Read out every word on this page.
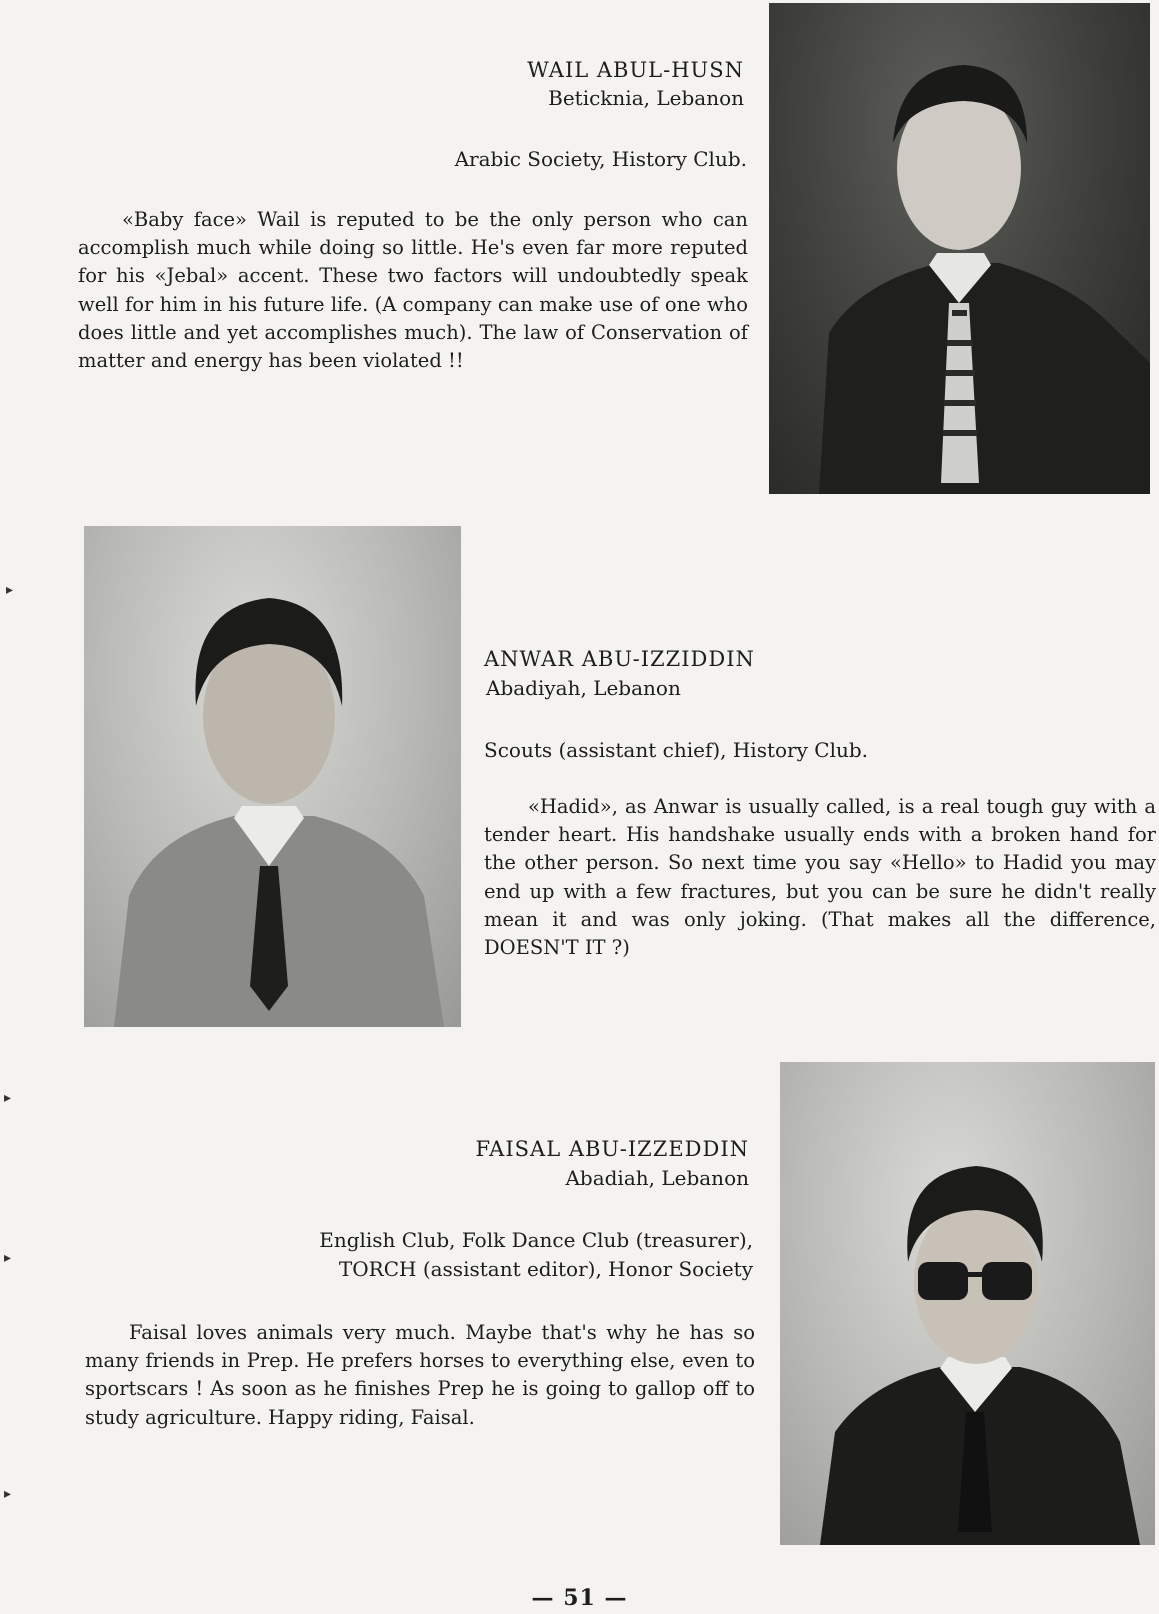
WAIL ABUL-HUSN
Beticknia, Lebanon
Arabic Society, History Club.
«Baby face» Wail is reputed to be the only person who can accomplish much while doing so little. He's even far more reputed for his «Jebal» accent. These two factors will undoubtedly speak well for him in his future life. (A company can make use of one who does little and yet accomplishes much). The law of Conservation of matter and energy has been violated !!
ANWAR ABU-IZZIDDIN
Abadiyah, Lebanon
Scouts (assistant chief), History Club.
«Hadid», as Anwar is usually called, is a real tough guy with a tender heart. His handshake usually ends with a broken hand for the other person. So next time you say «Hello» to Hadid you may end up with a few fractures, but you can be sure he didn't really mean it and was only joking. (That makes all the difference, DOESN'T IT ?)
FAISAL ABU-IZZEDDIN
Abadiah, Lebanon
English Club, Folk Dance Club (treasurer),
TORCH (assistant editor), Honor Society
Faisal loves animals very much. Maybe that's why he has so many friends in Prep. He prefers horses to everything else, even to sportscars ! As soon as he finishes Prep he is going to gallop off to study agriculture. Happy riding, Faisal.
— 51 —
▸
▸
▸
▸
